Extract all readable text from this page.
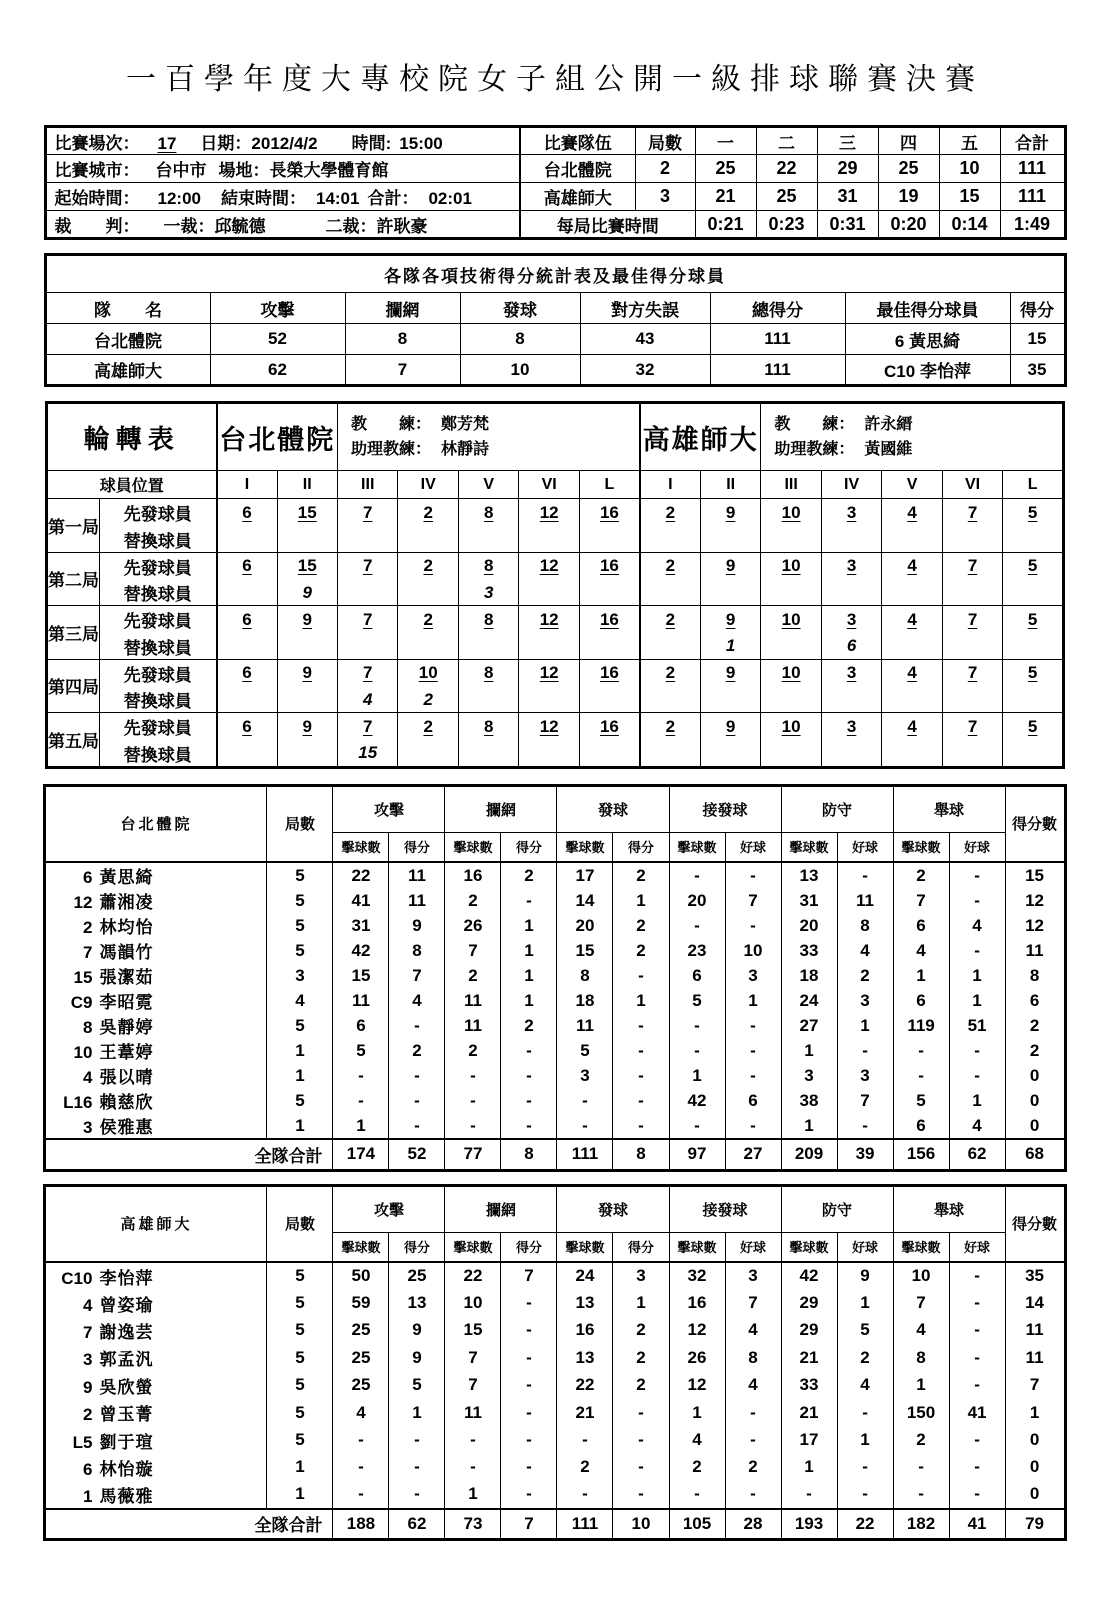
一百學年度大專校院女子組公開一級排球聯賽決賽
比賽場次： 17 日期：2012/4/2 時間: 15:00	比賽隊伍	局數	一	二	三	四	五	合計
比賽城市： 台中市 場地：長榮大學體育館	台北體院	2	25	22	29	25	10	111
起始時間： 12:00 結束時間： 14:01 合計： 02:01	高雄師大	3	21	25	31	19	15	111
裁　　判： 一裁：邱毓德 二裁：許耿豪	每局比賽時間		0:21	0:23	0:31	0:20	0:14	1:49
各隊各項技術得分統計表及最佳得分球員							
隊　　名	攻擊	攔網	發球	對方失誤	總得分	最佳得分球員	得分
台北體院	52	8	8	43	111	6 黃思綺	15
高雄師大	62	7	10	32	111	C10 李怡萍	35
輪轉表	台北體院	教　　練： 鄭芳梵
助理教練： 林靜詩	高雄師大	教　　練： 許永縉
助理教練： 黃國維

球員位置		I	II	III	IV	V	VI	L	I	II	III	IV	V	VI	L
第一局	先發球員	6	15	7	2	8	12	16	2	9	10	3	4	7	5
	替換球員														
第二局	先發球員	6	15	7	2	8	12	16	2	9	10	3	4	7	5
	替換球員		9			3									
第三局	先發球員	6	9	7	2	8	12	16	2	9	10	3	4	7	5
	替換球員									1		6			
第四局	先發球員	6	9	7	10	8	12	16	2	9	10	3	4	7	5
	替換球員			4	2										
第五局	先發球員	6	9	7	2	8	12	16	2	9	10	3	4	7	5
	替換球員			15											
台北體院	局數	攻擊		攔網		發球		接發球		防守		舉球		得分數
		擊球數	得分	擊球數	得分	擊球數	得分	擊球數	好球	擊球數	好球	擊球數	好球	
6 黃思綺	5	22	11	16	2	17	2	-	-	13	-	2	-	15
12 蕭湘凌	5	41	11	2	-	14	1	20	7	31	11	7	-	12
2 林均怡	5	31	9	26	1	20	2	-	-	20	8	6	4	12
7 馮韻竹	5	42	8	7	1	15	2	23	10	33	4	4	-	11
15 張潔茹	3	15	7	2	1	8	-	6	3	18	2	1	1	8
C9 李昭霓	4	11	4	11	1	18	1	5	1	24	3	6	1	6
8 吳靜婷	5	6	-	11	2	11	-	-	-	27	1	119	51	2
10 王葦婷	1	5	2	2	-	5	-	-	-	1	-	-	-	2
4 張以晴	1	-	-	-	-	3	-	1	-	3	3	-	-	0
L16 賴慈欣	5	-	-	-	-	-	-	42	6	38	7	5	1	0
3 侯雅惠	1	1	-	-	-	-	-	-	-	1	-	6	4	0
全隊合計		174	52	77	8	111	8	97	27	209	39	156	62	68
高雄師大	局數	攻擊		攔網		發球		接發球		防守		舉球		得分數
		擊球數	得分	擊球數	得分	擊球數	得分	擊球數	好球	擊球數	好球	擊球數	好球	
C10 李怡萍	5	50	25	22	7	24	3	32	3	42	9	10	-	35
4 曾姿瑜	5	59	13	10	-	13	1	16	7	29	1	7	-	14
7 謝逸芸	5	25	9	15	-	16	2	12	4	29	5	4	-	11
3 郭孟汎	5	25	9	7	-	13	2	26	8	21	2	8	-	11
9 吳欣螢	5	25	5	7	-	22	2	12	4	33	4	1	-	7
2 曾玉菁	5	4	1	11	-	21	-	1	-	21	-	150	41	1
L5 劉于瑄	5	-	-	-	-	-	-	4	-	17	1	2	-	0
6 林怡璇	1	-	-	-	-	2	-	2	2	1	-	-	-	0
1 馬薇雅	1	-	-	1	-	-	-	-	-	-	-	-	-	0
全隊合計		188	62	73	7	111	10	105	28	193	22	182	41	79
